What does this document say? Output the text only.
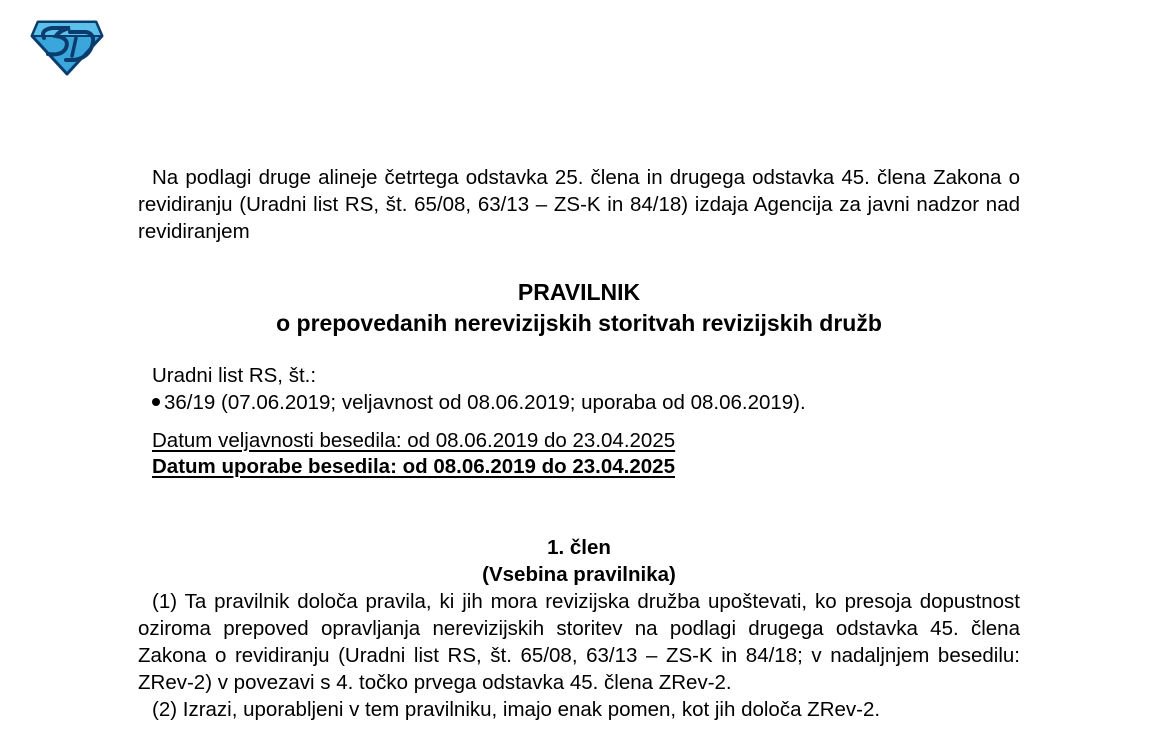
Na podlagi druge alineje četrtega odstavka 25. člena in drugega odstavka 45. člena Zakona o revidiranju (Uradni list RS, št. 65/08, 63/13 – ZS-K in 84/18) izdaja Agencija za javni nadzor nad revidiranjem

PRAVILNIK
o prepovedanih nerevizijskih storitvah revizijskih družb
Uradni list RS, št.:
36/19 (07.06.2019; veljavnost od 08.06.2019; uporaba od 08.06.2019).
Datum veljavnosti besedila: od 08.06.2019 do 23.04.2025
Datum uporabe besedila: od 08.06.2019 do 23.04.2025
1. člen
(Vsebina pravilnika)

(1) Ta pravilnik določa pravila, ki jih mora revizijska družba upoštevati, ko presoja dopustnost oziroma prepoved opravljanja nerevizijskih storitev na podlagi drugega odstavka 45. člena Zakona o revidiranju (Uradni list RS, št. 65/08, 63/13 – ZS-K in 84/18; v nadaljnjem besedilu: ZRev-2) v povezavi s 4. točko prvega odstavka 45. člena ZRev-2.

(2) Izrazi, uporabljeni v tem pravilniku, imajo enak pomen, kot jih določa ZRev-2.
